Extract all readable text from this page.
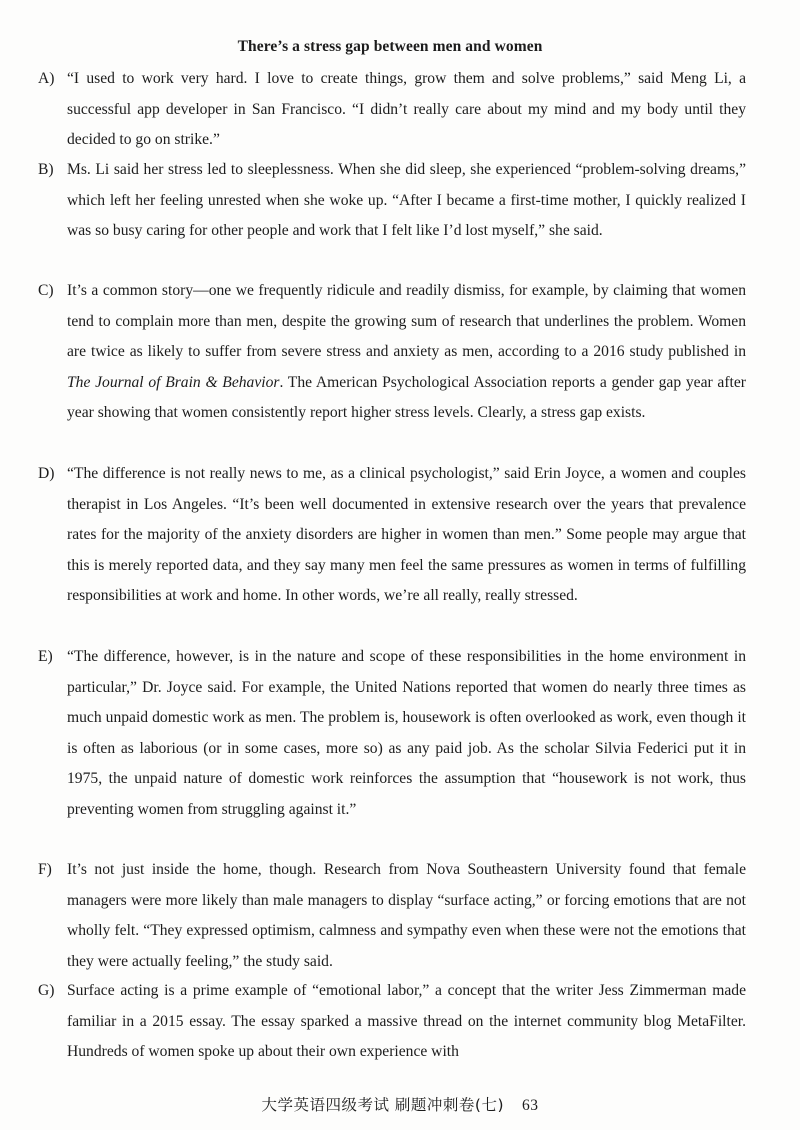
There’s a stress gap between men and women
A) “I used to work very hard. I love to create things, grow them and solve problems,” said Meng Li, a successful app developer in San Francisco. “I didn’t really care about my mind and my body until they decided to go on strike.”
B) Ms. Li said her stress led to sleeplessness. When she did sleep, she experienced “problem-solving dreams,” which left her feeling unrested when she woke up. “After I became a first-time mother, I quickly realized I was so busy caring for other people and work that I felt like I’d lost myself,” she said.
C) It’s a common story—one we frequently ridicule and readily dismiss, for example, by claiming that women tend to complain more than men, despite the growing sum of research that underlines the problem. Women are twice as likely to suffer from severe stress and anxiety as men, according to a 2016 study published in The Journal of Brain & Behavior. The American Psychological Association reports a gender gap year after year showing that women consistently report higher stress levels. Clearly, a stress gap exists.
D) “The difference is not really news to me, as a clinical psychologist,” said Erin Joyce, a women and couples therapist in Los Angeles. “It’s been well documented in extensive research over the years that prevalence rates for the majority of the anxiety disorders are higher in women than men.” Some people may argue that this is merely reported data, and they say many men feel the same pressures as women in terms of fulfilling responsibilities at work and home. In other words, we’re all really, really stressed.
E) “The difference, however, is in the nature and scope of these responsibilities in the home environment in particular,” Dr. Joyce said. For example, the United Nations reported that women do nearly three times as much unpaid domestic work as men. The problem is, housework is often overlooked as work, even though it is often as laborious (or in some cases, more so) as any paid job. As the scholar Silvia Federici put it in 1975, the unpaid nature of domestic work reinforces the assumption that “housework is not work, thus preventing women from struggling against it.”
F) It’s not just inside the home, though. Research from Nova Southeastern University found that female managers were more likely than male managers to display “surface acting,” or forcing emotions that are not wholly felt. “They expressed optimism, calmness and sympathy even when these were not the emotions that they were actually feeling,” the study said.
G) Surface acting is a prime example of “emotional labor,” a concept that the writer Jess Zimmerman made familiar in a 2015 essay. The essay sparked a massive thread on the internet community blog MetaFilter. Hundreds of women spoke up about their own experience with
大学英语四级考试 刷题冲刺卷(七) 63
